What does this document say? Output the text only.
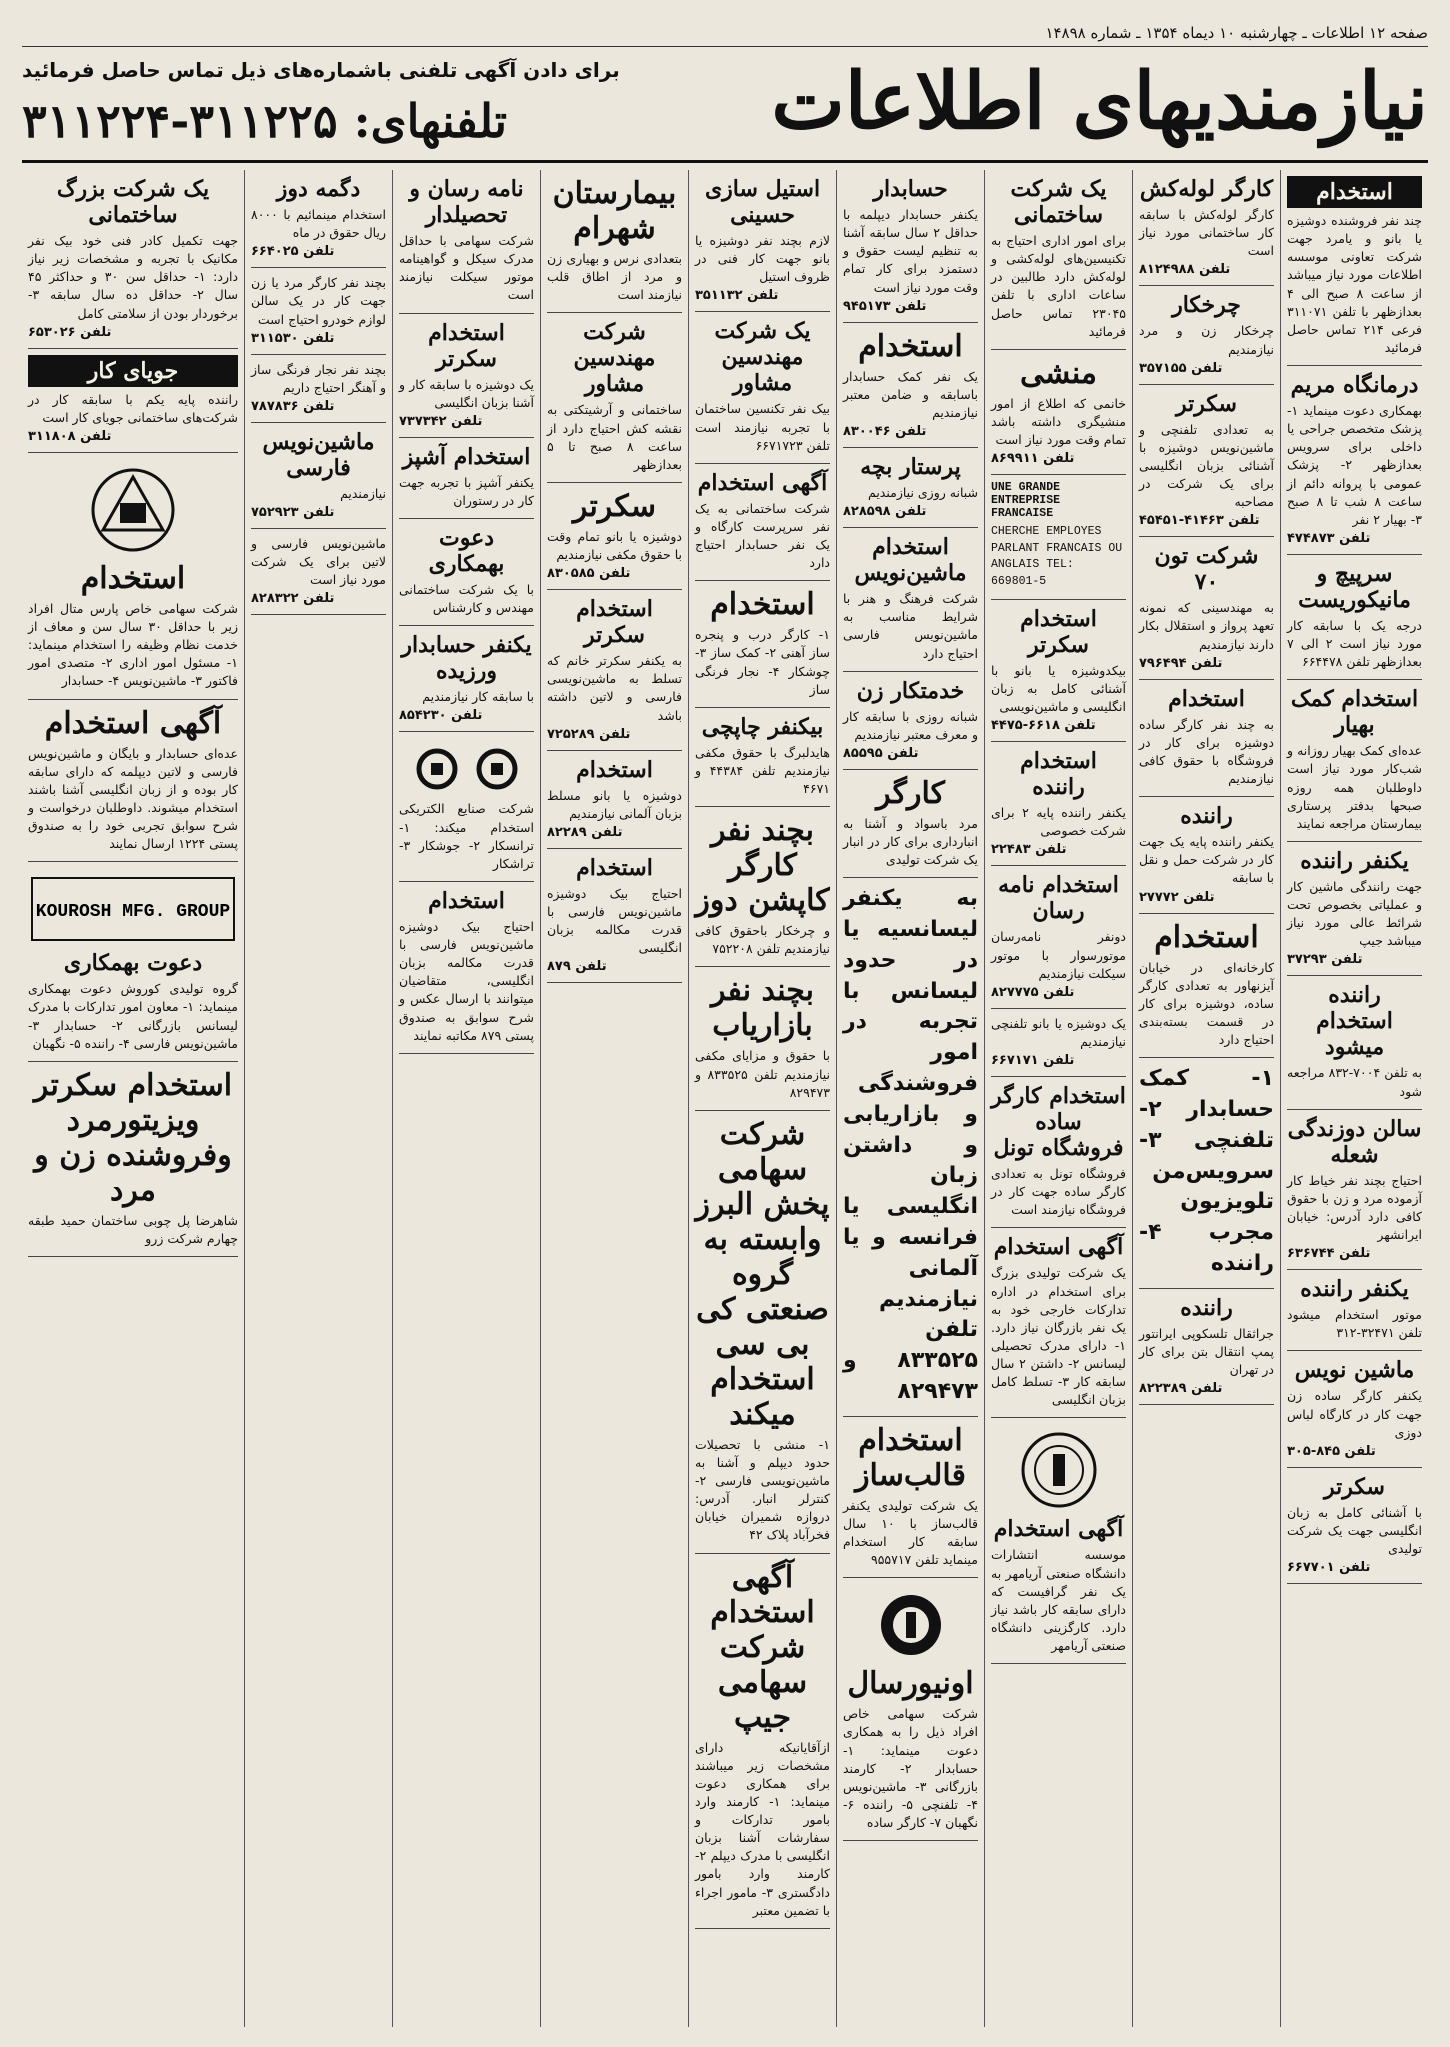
صفحه ۱۲ اطلاعات ـ چهارشنبه ۱۰ دیماه ۱۳۵۴ ـ شماره ۱۴۸۹۸
نیازمندیهای اطلاعات
برای دادن آگهی تلفنی باشماره‌های ذیل تماس حاصل فرمائید
تلفنهای: ۳۱۱۲۲۵-۳۱۱۲۲۴
استخدام

چند نفر فروشنده دوشیزه یا بانو و یامرد جهت شرکت تعاونی موسسه اطلاعات مورد نیاز میباشد از ساعت ۸ صبح الی ۴ بعدازظهر با تلفن ۳۱۱۰۷۱ فرعی ۲۱۴ تماس حاصل فرمائید

درمانگاه مریم

بهمکاری دعوت مینماید ۱- پزشک متخصص جراحی یا داخلی برای سرویس بعدازظهر ۲- پزشک عمومی با پروانه دائم از ساعت ۸ شب تا ۸ صبح ۳- بهیار ۲ نفر

تلفن ۴۷۴۸۷۳
سرپیچ و مانیکوریست

درجه یک با سابقه کار مورد نیاز است ۲ الی ۷ بعدازظهر تلفن ۶۶۴۴۷۸

استخدام کمک بهیار

عده‌ای کمک بهیار روزانه و شب‌کار مورد نیاز است داوطلبان همه روزه صبحها بدفتر پرستاری بیمارستان مراجعه نمایند

یکنفر راننده

جهت رانندگی ماشین کار و عملیاتی بخصوص تحت شرائط عالی مورد نیاز میباشد جیپ

تلفن ۳۷۲۹۳
راننده استخدام میشود

به تلفن ۷۰۰۴-۸۳۲ مراجعه شود

سالن دوزندگی شعله

احتیاج بچند نفر خیاط کار آزموده مرد و زن با حقوق کافی دارد آدرس: خیابان ایرانشهر

تلفن ۶۳۶۷۴۴
یکنفر راننده

موتور استخدام میشود تلفن ۳۲۴۷۱-۳۱۲

ماشین نویس

یکنفر کارگر ساده زن جهت کار در کارگاه لباس دوزی

تلفن ۸۴۵-۳۰۵
سکرتر

با آشنائی کامل به زبان انگلیسی جهت یک شرکت تولیدی

تلفن ۶۶۷۷۰۱
کارگر لوله‌کش

کارگر لوله‌کش با سابقه کار ساختمانی مورد نیاز است

تلفن ۸۱۲۴۹۸۸
چرخکار

چرخکار زن و مرد نیازمندیم

تلفن ۳۵۷۱۵۵
سکرتر

به تعدادی تلفنچی و ماشین‌نویس دوشیزه با آشنائی بزبان انگلیسی برای یک شرکت در مصاحبه

تلفن ۴۱۴۶۳-۴۵۴۵۱
شرکت تون ۷۰

به مهندسینی که نمونه تعهد پرواز و استقلال بکار دارند نیازمندیم

تلفن ۷۹۶۴۹۴
استخدام

به چند نفر کارگر ساده دوشیزه برای کار در فروشگاه با حقوق کافی نیازمندیم

راننده

یکنفر راننده پایه یک جهت کار در شرکت حمل و نقل با سابقه

تلفن ۲۷۷۷۲
استخدام

کارخانه‌ای در خیابان آیزنهاور به تعدادی کارگر ساده، دوشیزه برای کار در قسمت بسته‌بندی احتیاج دارد

۱- کمک حسابدار ۲- تلفنچی ۳- سرویس‌من تلویزیون مجرب ۴- راننده

راننده

جراثقال تلسکوپی ایرانتور پمپ انتقال بتن برای کار در تهران

تلفن ۸۲۲۳۸۹
یک شرکت ساختمانی

برای امور اداری احتیاج به تکنیسین‌های لوله‌کشی و لوله‌کش دارد طالبین در ساعات اداری با تلفن ۲۳۰۴۵ تماس حاصل فرمائید

منشی

خانمی که اطلاع از امور منشیگری داشته باشد تمام وقت مورد نیاز است

تلفن ۸۶۹۹۱۱
UNE GRANDE ENTREPRISE FRANCAISE

CHERCHE EMPLOYES PARLANT FRANCAIS OU ANGLAIS TEL: 669801-5

استخدام سکرتر

بیکدوشیزه یا بانو با آشنائی کامل به زبان انگلیسی و ماشین‌نویسی

تلفن ۶۶۱۸-۴۴۷۵
استخدام راننده

یکنفر راننده پایه ۲ برای شرکت خصوصی

تلفن ۲۲۴۸۳
استخدام نامه رسان

دونفر نامه‌رسان موتورسوار با موتور سیکلت نیازمندیم

تلفن ۸۲۷۷۷۵

یک دوشیزه یا بانو تلفنچی نیازمندیم

تلفن ۶۶۷۱۷۱
استخدام کارگر ساده فروشگاه تونل

فروشگاه تونل به تعدادی کارگر ساده جهت کار در فروشگاه نیازمند است

آگهی استخدام

یک شرکت تولیدی بزرگ برای استخدام در اداره تدارکات خارجی خود به یک نفر بازرگان نیاز دارد. ۱- دارای مدرک تحصیلی لیسانس ۲- داشتن ۲ سال سابقه کار ۳- تسلط کامل بزبان انگلیسی

آگهی استخدام

موسسه انتشارات دانشگاه صنعتی آریامهر به یک نفر گرافیست که دارای سابقه کار باشد نیاز دارد. کارگزینی دانشگاه صنعتی آریامهر

حسابدار

یکنفر حسابدار دیپلمه با حداقل ۲ سال سابقه آشنا به تنظیم لیست حقوق و دستمزد برای کار تمام وقت مورد نیاز است

تلفن ۹۴۵۱۷۳
استخدام

یک نفر کمک حسابدار باسابقه و ضامن معتبر نیازمندیم

تلفن ۸۳۰۰۴۶
پرستار بچه

شبانه روزی نیازمندیم

تلفن ۸۲۸۵۹۸
استخدام ماشین‌نویس

شرکت فرهنگ و هنر با شرایط مناسب به ماشین‌نویس فارسی احتیاج دارد

خدمتکار زن

شبانه روزی با سابقه کار و معرف معتبر نیازمندیم

تلفن ۸۵۵۹۵
کارگر

مرد باسواد و آشنا به انبارداری برای کار در انبار یک شرکت تولیدی

به یکنفر لیسانسیه یا در حدود لیسانس با تجربه در امور فروشندگی و بازاریابی و داشتن زبان انگلیسی یا فرانسه و یا آلمانی نیازمندیم تلفن ۸۳۳۵۲۵ و ۸۲۹۴۷۳

استخدام قالب‌ساز

یک شرکت تولیدی یکنفر قالب‌ساز با ۱۰ سال سابقه کار استخدام مینماید تلفن ۹۵۵۷۱۷

اونیورسال

شرکت سهامی خاص افراد ذیل را به همکاری دعوت مینماید: ۱- حسابدار ۲- کارمند بازرگانی ۳- ماشین‌نویس ۴- تلفنچی ۵- راننده ۶- نگهبان ۷- کارگر ساده

استیل سازی حسینی

لازم بچند نفر دوشیزه یا بانو جهت کار فنی در ظروف استیل

تلفن ۳۵۱۱۳۲
یک شرکت مهندسین مشاور

بیک نفر تکنسین ساختمان با تجربه نیازمند است تلفن ۶۶۷۱۷۲۳

آگهی استخدام

شرکت ساختمانی به یک نفر سرپرست کارگاه و یک نفر حسابدار احتیاج دارد

استخدام

۱- کارگر درب و پنجره ساز آهنی ۲- کمک ساز ۳- چوشکار ۴- نجار فرنگی ساز

بیکنفر چاپچی

هایدلبرگ با حقوق مکفی نیازمندیم تلفن ۴۴۳۸۴ و ۴۶۷۱

بچند نفر کارگر کاپشن دوز

و چرخکار باحقوق کافی نیازمندیم تلفن ۷۵۲۲۰۸

بچند نفر بازاریاب

با حقوق و مزایای مکفی نیازمندیم تلفن ۸۳۳۵۲۵ و ۸۲۹۴۷۳

شرکت سهامی پخش البرز وابسته به گروه صنعتی کی بی سی استخدام میکند

۱- منشی با تحصیلات حدود دیپلم و آشنا به ماشین‌نویسی فارسی ۲- کنترلر انبار. آدرس: دروازه شمیران خیابان فخرآباد پلاک ۴۲

آگهی استخدام شرکت سهامی جیپ

ازآقایانیکه دارای مشخصات زیر میباشند برای همکاری دعوت مینماید: ۱- کارمند وارد بامور تدارکات و سفارشات آشنا بزبان انگلیسی با مدرک دیپلم ۲- کارمند وارد بامور دادگستری ۳- مامور اجراء با تضمین معتبر

بیمارستان شهرام

بتعدادی نرس و بهیاری زن و مرد از اطاق قلب نیازمند است

شرکت مهندسین مشاور

ساختمانی و آرشیتکتی به نقشه کش احتیاج دارد از ساعت ۸ صبح تا ۵ بعدازظهر

سکرتر

دوشیزه یا بانو تمام وقت با حقوق مکفی نیازمندیم

تلفن ۸۳۰۵۸۵
استخدام سکرتر

به یکنفر سکرتر خانم که تسلط به ماشین‌نویسی فارسی و لاتین داشته باشد

تلفن ۷۲۵۲۸۹
استخدام

دوشیزه یا بانو مسلط بزبان آلمانی نیازمندیم

تلفن ۸۲۲۸۹
استخدام

احتیاج بیک دوشیزه ماشین‌نویس فارسی با قدرت مکالمه بزبان انگلیسی

تلفن ۸۷۹
نامه رسان و تحصیلدار

شرکت سهامی با حداقل مدرک سیکل و گواهینامه موتور سیکلت نیازمند است

استخدام سکرتر

یک دوشیزه با سابقه کار و آشنا بزبان انگلیسی

تلفن ۷۳۷۳۴۲
استخدام آشپز

یکنفر آشپز با تجربه جهت کار در رستوران

دعوت بهمکاری

با یک شرکت ساختمانی مهندس و کارشناس

یکنفر حسابدار ورزیده

با سابقه کار نیازمندیم

تلفن ۸۵۴۲۳۰

شرکت صنایع الکتریکی استخدام میکند: ۱- ترانسکار ۲- جوشکار ۳- تراشکار

استخدام

احتیاج بیک دوشیزه ماشین‌نویس فارسی با قدرت مکالمه بزبان انگلیسی، متقاضیان میتوانند با ارسال عکس و شرح سوابق به صندوق پستی ۸۷۹ مکاتبه نمایند

دگمه دوز

استخدام مینمائیم با ۸۰۰۰ ریال حقوق در ماه

تلفن ۶۶۴۰۲۵

بچند نفر کارگر مرد یا زن جهت کار در یک سالن لوازم خودرو احتیاج است

تلفن ۳۱۱۵۳۰

بچند نفر نجار فرنگی ساز و آهنگر احتیاج داریم

تلفن ۷۸۷۸۳۶
ماشین‌نویس فارسی

نیازمندیم

تلفن ۷۵۲۹۲۳

ماشین‌نویس فارسی و لاتین برای یک شرکت مورد نیاز است

تلفن ۸۲۸۳۲۲
یک شرکت بزرگ ساختمانی

جهت تکمیل کادر فنی خود بیک نفر مکانیک با تجربه و مشخصات زیر نیاز دارد: ۱- حداقل سن ۳۰ و حداکثر ۴۵ سال ۲- حداقل ده سال سابقه ۳- برخوردار بودن از سلامتی کامل

تلفن ۶۵۳۰۲۶
جویای کار

راننده پایه یکم با سابقه کار در شرکت‌های ساختمانی جویای کار است

تلفن ۳۱۱۸۰۸
استخدام

شرکت سهامی خاص پارس متال افراد زیر با حداقل ۳۰ سال سن و معاف از خدمت نظام وظیفه را استخدام مینماید: ۱- مسئول امور اداری ۲- متصدی امور فاکتور ۳- ماشین‌نویس ۴- حسابدار

آگهی استخدام

عده‌ای حسابدار و بایگان و ماشین‌نویس فارسی و لاتین دیپلمه که دارای سابقه کار بوده و از زبان انگلیسی آشنا باشند استخدام میشوند. داوطلبان درخواست و شرح سوابق تجربی خود را به صندوق پستی ۱۲۲۴ ارسال نمایند

KOUROSH MFG. GROUP
دعوت بهمکاری

گروه تولیدی کوروش دعوت بهمکاری مینماید: ۱- معاون امور تدارکات با مدرک لیسانس بازرگانی ۲- حسابدار ۳- ماشین‌نویس فارسی ۴- راننده ۵- نگهبان

استخدام سکرتر ویزیتورمرد وفروشنده زن و مرد

شاهرضا پل چوبی ساختمان حمید طبقه چهارم شرکت زرو
